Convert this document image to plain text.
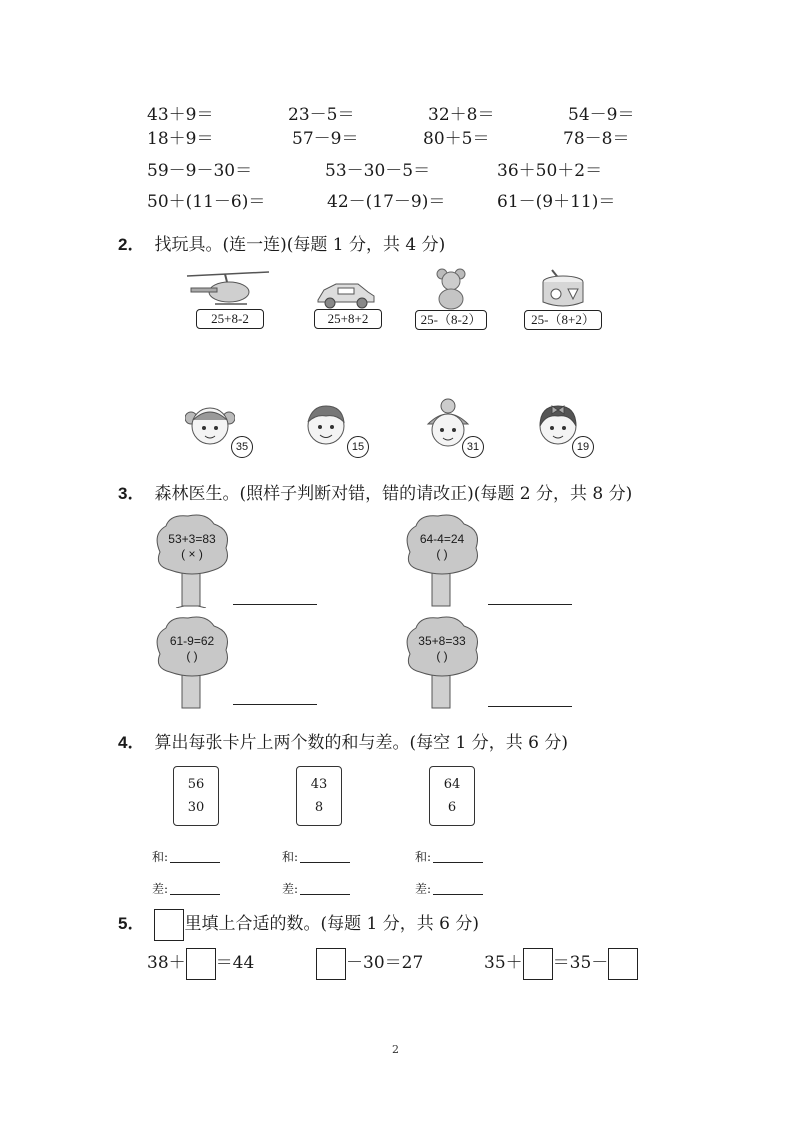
43＋9＝	23－5＝	32＋8＝	54－9＝
18＋9＝	57－9＝	80＋5＝	78－8＝
59－9－30＝	53－30－5＝	36＋50＋2＝
50＋(11－6)＝	42－(17－9)＝	61－(9＋11)＝
2． 找玩具。(连一连)(每题 1 分，共 4 分)
25+8-2	25+8+2	25-（8-2）	25-（8+2）
35	15	31	19
3． 森林医生。(照样子判断对错，错的请改正)(每题 2 分，共 8 分)
53+3=83
( × )
64-4=24
( )
61-9=62
( )
35+8=33
( )
4． 算出每张卡片上两个数的和与差。(每空 1 分，共 6 分)
56
30
43
8
64
6
和:	和:	和:
差:	差:	差:
5． 里填上合适的数。(每题 1 分，共 6 分)
38＋ ＝44	－30＝27	35＋ ＝35－
2
